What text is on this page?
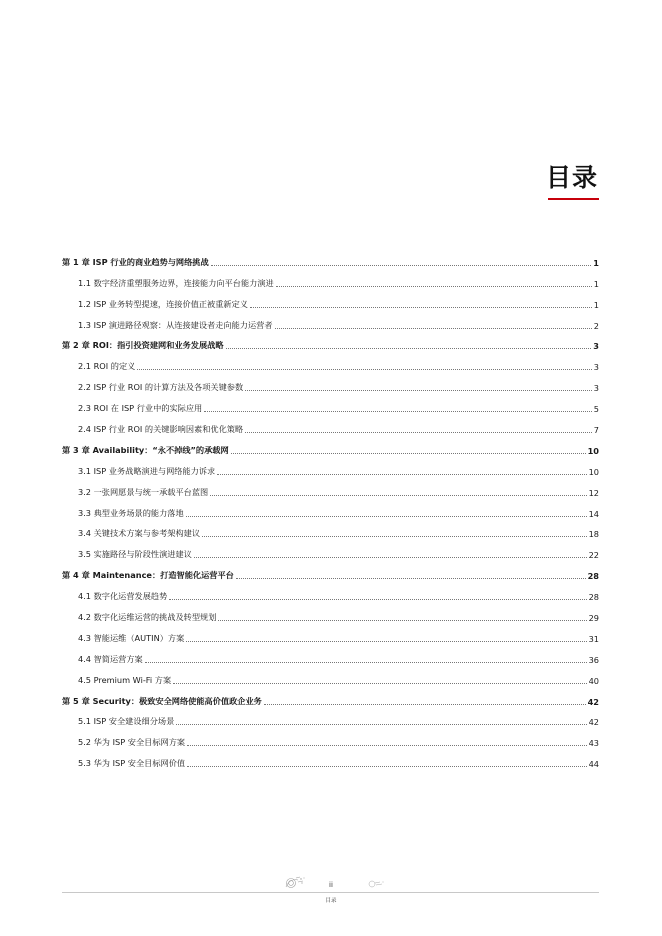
目录
第 1 章 ISP 行业的商业趋势与网络挑战	1
1.1 数字经济重塑服务边界，连接能力向平台能力演进	1
1.2 ISP 业务转型提速，连接价值正被重新定义	1
1.3 ISP 演进路径观察：从连接建设者走向能力运营者	2
第 2 章 ROI：指引投资建网和业务发展战略	3
2.1 ROI 的定义	3
2.2 ISP 行业 ROI 的计算方法及各项关键参数	3
2.3 ROI 在 ISP 行业中的实际应用	5
2.4 ISP 行业 ROI 的关键影响因素和优化策略	7
第 3 章 Availability：“永不掉线”的承载网	10
3.1 ISP 业务战略演进与网络能力诉求	10
3.2 一张网愿景与统一承载平台蓝图	12
3.3 典型业务场景的能力落地	14
3.4 关键技术方案与参考架构建议	18
3.5 实施路径与阶段性演进建议	22
第 4 章 Maintenance：打造智能化运营平台	28
4.1 数字化运营发展趋势	28
4.2 数字化运维运营的挑战及转型规划	29
4.3 智能运维（AUTIN）方案	31
4.4 智简运营方案	36
4.5 Premium Wi-Fi 方案	40
第 5 章 Security：极致安全网络使能高价值政企业务	42
5.1 ISP 安全建设细分场景	42
5.2 华为 ISP 安全目标网方案	43
5.3 华为 ISP 安全目标网价值	44
ii
目录
